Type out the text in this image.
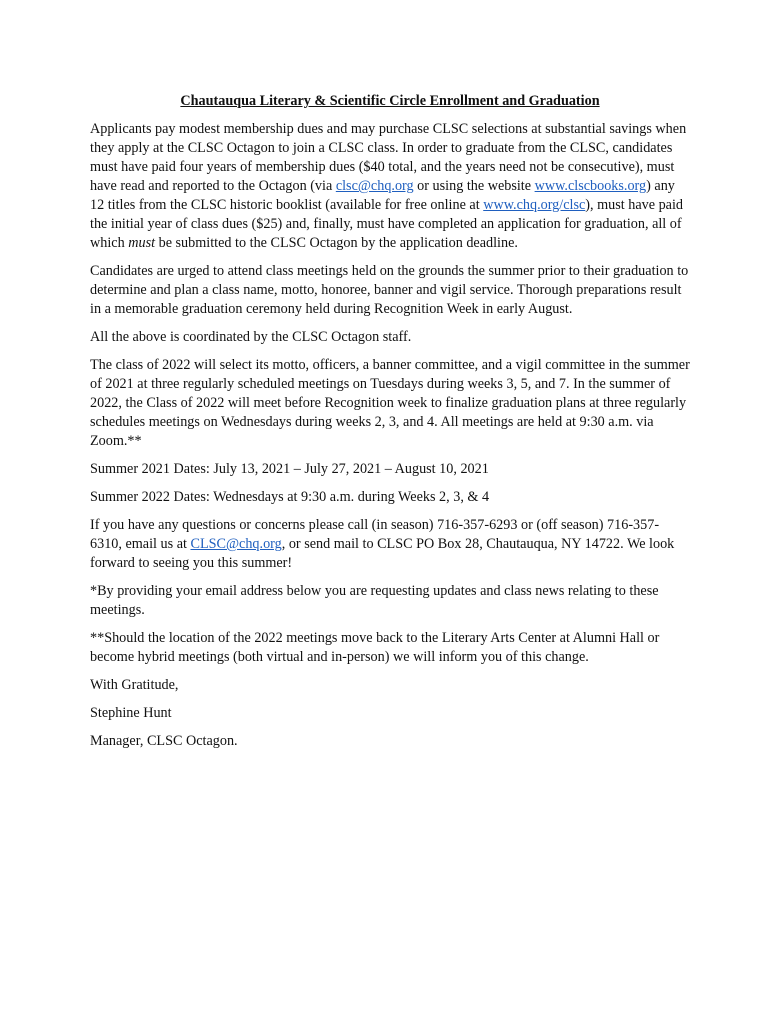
Chautauqua Literary & Scientific Circle Enrollment and Graduation
Applicants pay modest membership dues and may purchase CLSC selections at substantial savings when they apply at the CLSC Octagon to join a CLSC class. In order to graduate from the CLSC, candidates must have paid four years of membership dues ($40 total, and the years need not be consecutive), must have read and reported to the Octagon (via clsc@chq.org or using the website www.clscbooks.org) any 12 titles from the CLSC historic booklist (available for free online at www.chq.org/clsc), must have paid the initial year of class dues ($25) and, finally, must have completed an application for graduation, all of which must be submitted to the CLSC Octagon by the application deadline.
Candidates are urged to attend class meetings held on the grounds the summer prior to their graduation to determine and plan a class name, motto, honoree, banner and vigil service. Thorough preparations result in a memorable graduation ceremony held during Recognition Week in early August.
All the above is coordinated by the CLSC Octagon staff.
The class of 2022 will select its motto, officers, a banner committee, and a vigil committee in the summer of 2021 at three regularly scheduled meetings on Tuesdays during weeks 3, 5, and 7. In the summer of 2022, the Class of 2022 will meet before Recognition week to finalize graduation plans at three regularly schedules meetings on Wednesdays during weeks 2, 3, and 4. All meetings are held at 9:30 a.m. via Zoom.**
Summer 2021 Dates: July 13, 2021 – July 27, 2021 – August 10, 2021
Summer 2022 Dates: Wednesdays at 9:30 a.m. during Weeks 2, 3, & 4
If you have any questions or concerns please call (in season) 716-357-6293 or (off season) 716-357-6310, email us at CLSC@chq.org, or send mail to CLSC PO Box 28, Chautauqua, NY 14722. We look forward to seeing you this summer!
*By providing your email address below you are requesting updates and class news relating to these meetings.
**Should the location of the 2022 meetings move back to the Literary Arts Center at Alumni Hall or become hybrid meetings (both virtual and in-person) we will inform you of this change.
With Gratitude,
Stephine Hunt
Manager, CLSC Octagon.
